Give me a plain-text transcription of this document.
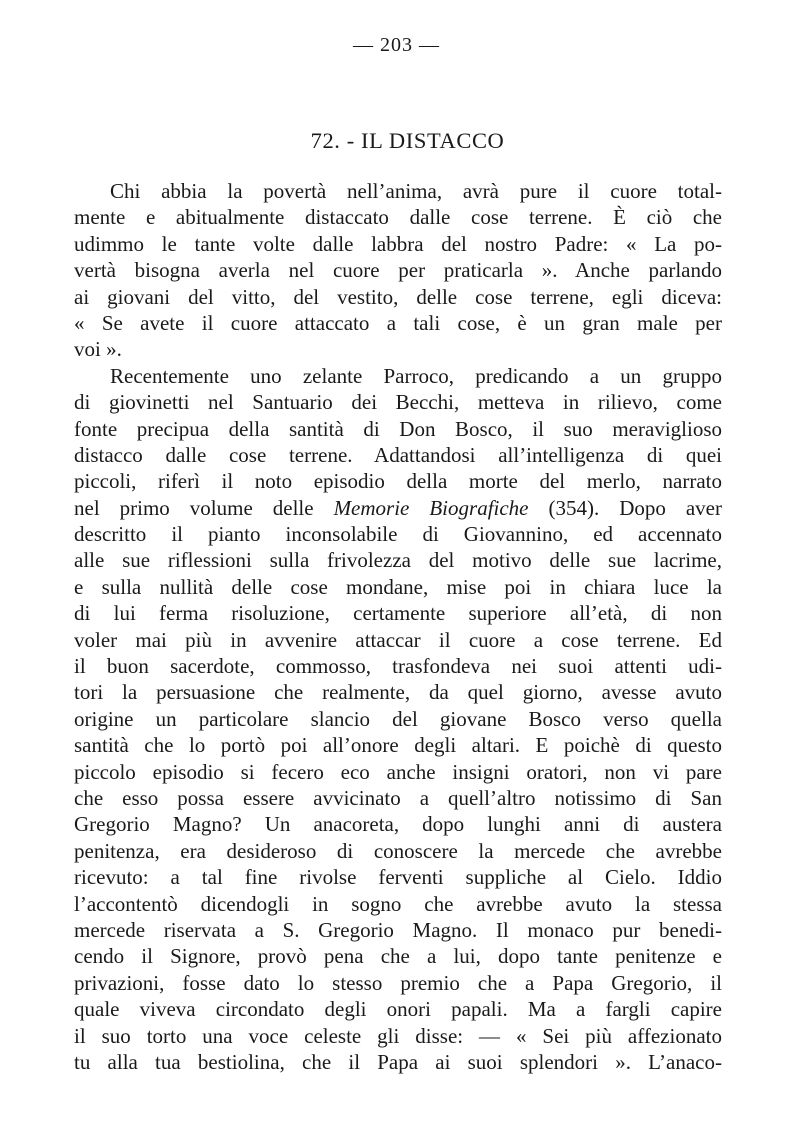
— 203 —
72. - IL DISTACCO
Chi abbia la povertà nell’anima, avrà pure il cuore total-
mente e abitualmente distaccato dalle cose terrene. È ciò che
udimmo le tante volte dalle labbra del nostro Padre: « La po-
vertà bisogna averla nel cuore per praticarla ». Anche parlando
ai giovani del vitto, del vestito, delle cose terrene, egli diceva:
« Se avete il cuore attaccato a tali cose, è un gran male per
voi ».
Recentemente uno zelante Parroco, predicando a un gruppo
di giovinetti nel Santuario dei Becchi, metteva in rilievo, come
fonte precipua della santità di Don Bosco, il suo meraviglioso
distacco dalle cose terrene. Adattandosi all’intelligenza di quei
piccoli, riferì il noto episodio della morte del merlo, narrato
nel primo volume delle Memorie Biografiche (354). Dopo aver
descritto il pianto inconsolabile di Giovannino, ed accennato
alle sue riflessioni sulla frivolezza del motivo delle sue lacrime,
e sulla nullità delle cose mondane, mise poi in chiara luce la
di lui ferma risoluzione, certamente superiore all’età, di non
voler mai più in avvenire attaccar il cuore a cose terrene. Ed
il buon sacerdote, commosso, trasfondeva nei suoi attenti udi-
tori la persuasione che realmente, da quel giorno, avesse avuto
origine un particolare slancio del giovane Bosco verso quella
santità che lo portò poi all’onore degli altari. E poichè di questo
piccolo episodio si fecero eco anche insigni oratori, non vi pare
che esso possa essere avvicinato a quell’altro notissimo di San
Gregorio Magno? Un anacoreta, dopo lunghi anni di austera
penitenza, era desideroso di conoscere la mercede che avrebbe
ricevuto: a tal fine rivolse ferventi suppliche al Cielo. Iddio
l’accontentò dicendogli in sogno che avrebbe avuto la stessa
mercede riservata a S. Gregorio Magno. Il monaco pur benedi-
cendo il Signore, provò pena che a lui, dopo tante penitenze e
privazioni, fosse dato lo stesso premio che a Papa Gregorio, il
quale viveva circondato degli onori papali. Ma a fargli capire
il suo torto una voce celeste gli disse: — « Sei più affezionato
tu alla tua bestiolina, che il Papa ai suoi splendori ». L’anaco-
